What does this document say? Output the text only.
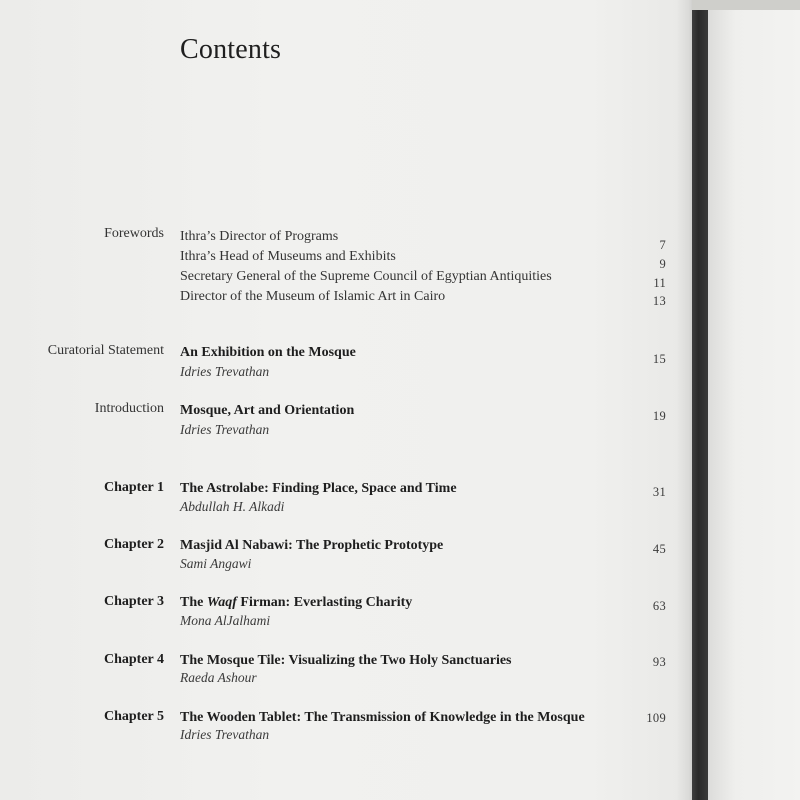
Contents
Forewords Ithra’s Director of Programs
Ithra’s Head of Museums and Exhibits
Secretary General of the Supreme Council of Egyptian Antiquities
Director of the Museum of Islamic Art in Cairo
7
9
11
13
Curatorial Statement An Exhibition on the Mosque
Idries Trevathan
15
Introduction Mosque, Art and Orientation
Idries Trevathan
19
Chapter 1 The Astrolabe: Finding Place, Space and Time
Abdullah H. Alkadi
31
Chapter 2 Masjid Al Nabawi: The Prophetic Prototype
Sami Angawi
45
Chapter 3 The Waqf Firman: Everlasting Charity
Mona AlJalhami
63
Chapter 4 The Mosque Tile: Visualizing the Two Holy Sanctuaries
Raeda Ashour
93
Chapter 5 The Wooden Tablet: The Transmission of Knowledge in the Mosque
Idries Trevathan
109
